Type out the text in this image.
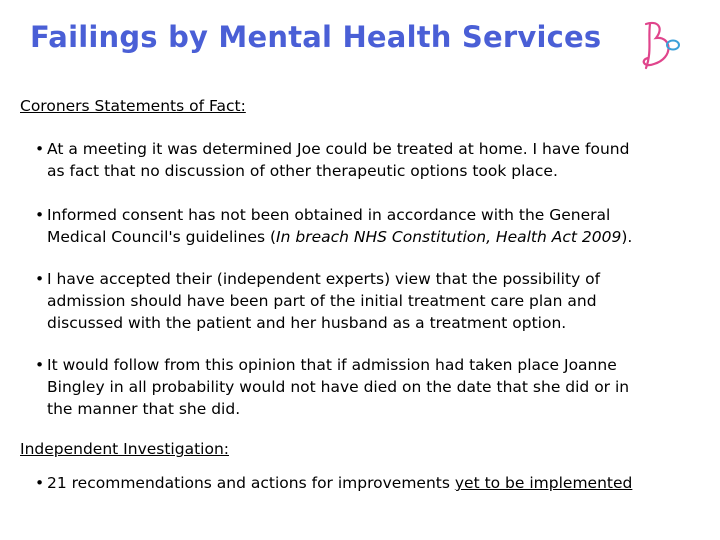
Failings by Mental Health Services
Coroners Statements of Fact:
• At a meeting it was determined Joe could be treated at home. I have found
as fact that no discussion of other therapeutic options took place.
• Informed consent has not been obtained in accordance with the General
Medical Council's guidelines (In breach NHS Constitution, Health Act 2009).
• I have accepted their (independent experts) view that the possibility of
admission should have been part of the initial treatment care plan and
discussed with the patient and her husband as a treatment option.
• It would follow from this opinion that if admission had taken place Joanne
Bingley in all probability would not have died on the date that she did or in
the manner that she did.
Independent Investigation:
• 21 recommendations and actions for improvements yet to be implemented
